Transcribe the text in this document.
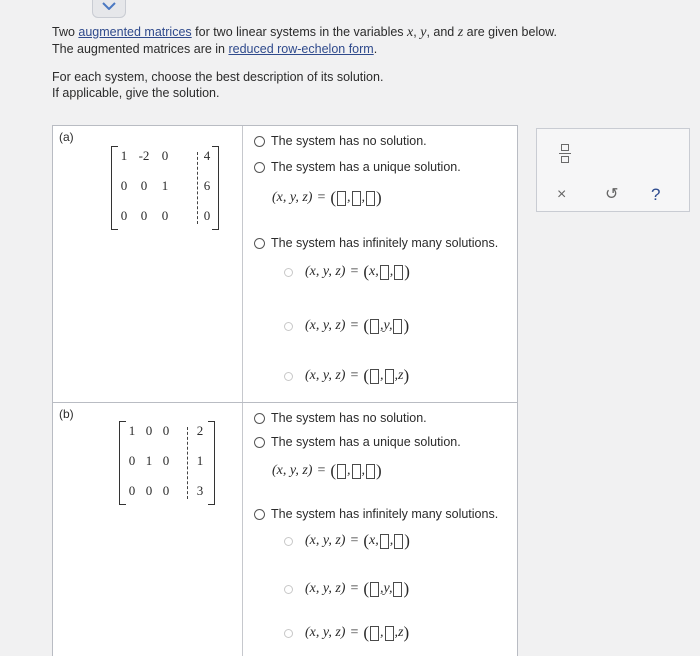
Two augmented matrices for two linear systems in the variables x, y, and z are given below.

The augmented matrices are in reduced row-echelon form.

For each system, choose the best description of its solution.

If applicable, give the solution.

(a)
1 -2 0	4
0	0	1	6
0	0	0	0
The system has no solution.
The system has a unique solution.
(x, y, z) = ( , , )
The system has infinitely many solutions.
(x, y, z) = ( x, , )
(x, y, z) = ( , y, )
(x, y, z) = ( , , z )
(b)
1 0 0	2
0 1 0	1
0 0 0	3
The system has no solution.
The system has a unique solution.
(x, y, z) = ( , , )
The system has infinitely many solutions.
(x, y, z) = ( x, , )
(x, y, z) = ( , y, )
(x, y, z) = ( , , z )
× ↺ ?
